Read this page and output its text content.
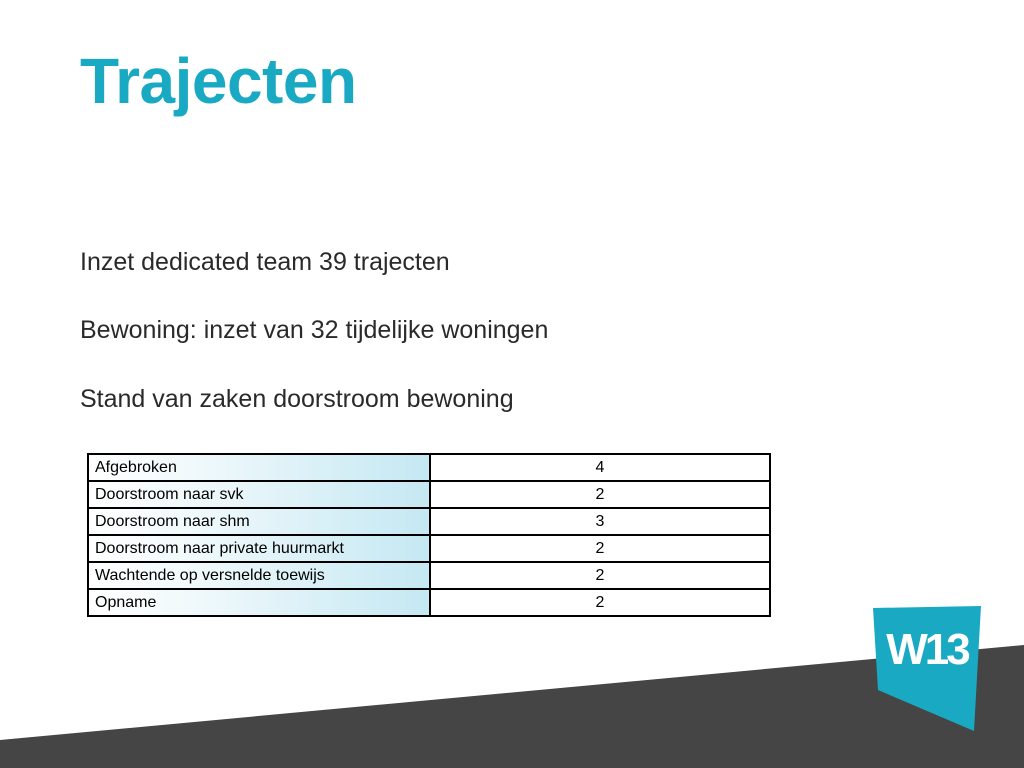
Trajecten
Inzet dedicated team 39 trajecten
Bewoning: inzet van 32 tijdelijke woningen
Stand van zaken doorstroom bewoning
Afgebroken	4
Doorstroom naar svk	2
Doorstroom naar shm	3
Doorstroom naar private huurmarkt	2
Wachtende op versnelde toewijs	2
Opname	2
W13
